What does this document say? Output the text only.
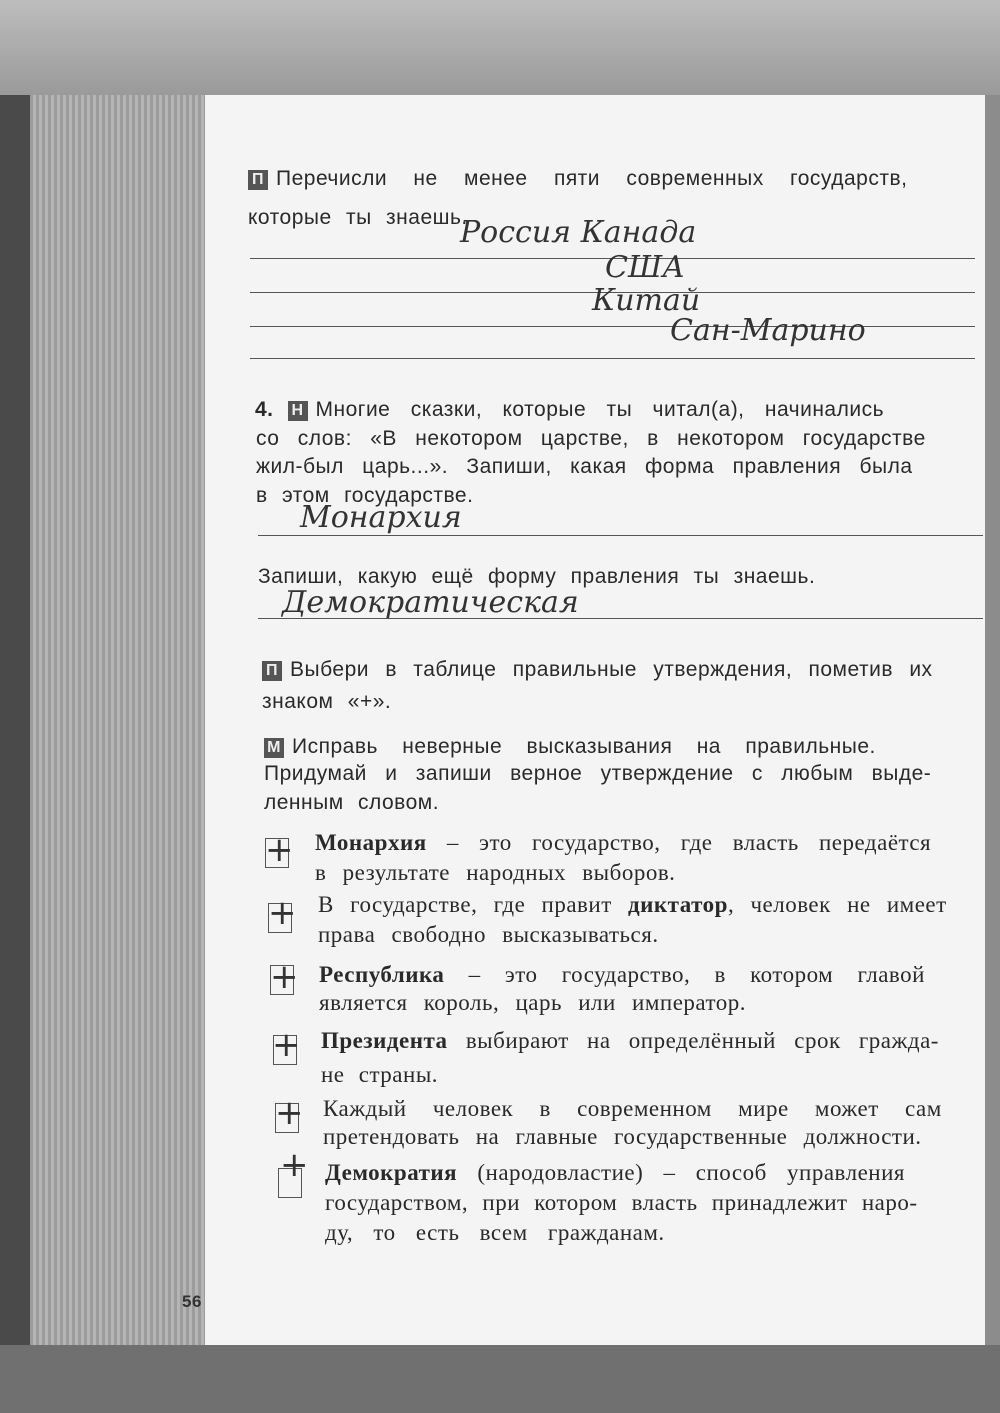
П Перечисли не менее пяти современных государств,
которые ты знаешь.
Россия Канада
США
Китай
Сан-Марино
4. Н Многие сказки, которые ты читал(а), начинались
со слов: «В некотором царстве, в некотором государстве
жил-был царь...». Запиши, какая форма правления была
в этом государстве.
Монархия
Запиши, какую ещё форму правления ты знаешь.
Демократическая
П Выбери в таблице правильные утверждения, пометив их
знаком «+».
М Исправь неверные высказывания на правильные.
Придумай и запиши верное утверждение с любым выде-
ленным словом.
+ Монархия – это государство, где власть передаётся
в результате народных выборов.
+ В государстве, где правит диктатор, человек не имеет
права свободно высказываться.
+ Республика – это государство, в котором главой
является король, царь или император.
+ Президента выбирают на определённый срок гражда-
не страны.
+ Каждый человек в современном мире может сам
претендовать на главные государственные должности.
+ Демократия (народовластие) – способ управления
государством, при котором власть принадлежит наро-
ду, то есть всем гражданам.
56
